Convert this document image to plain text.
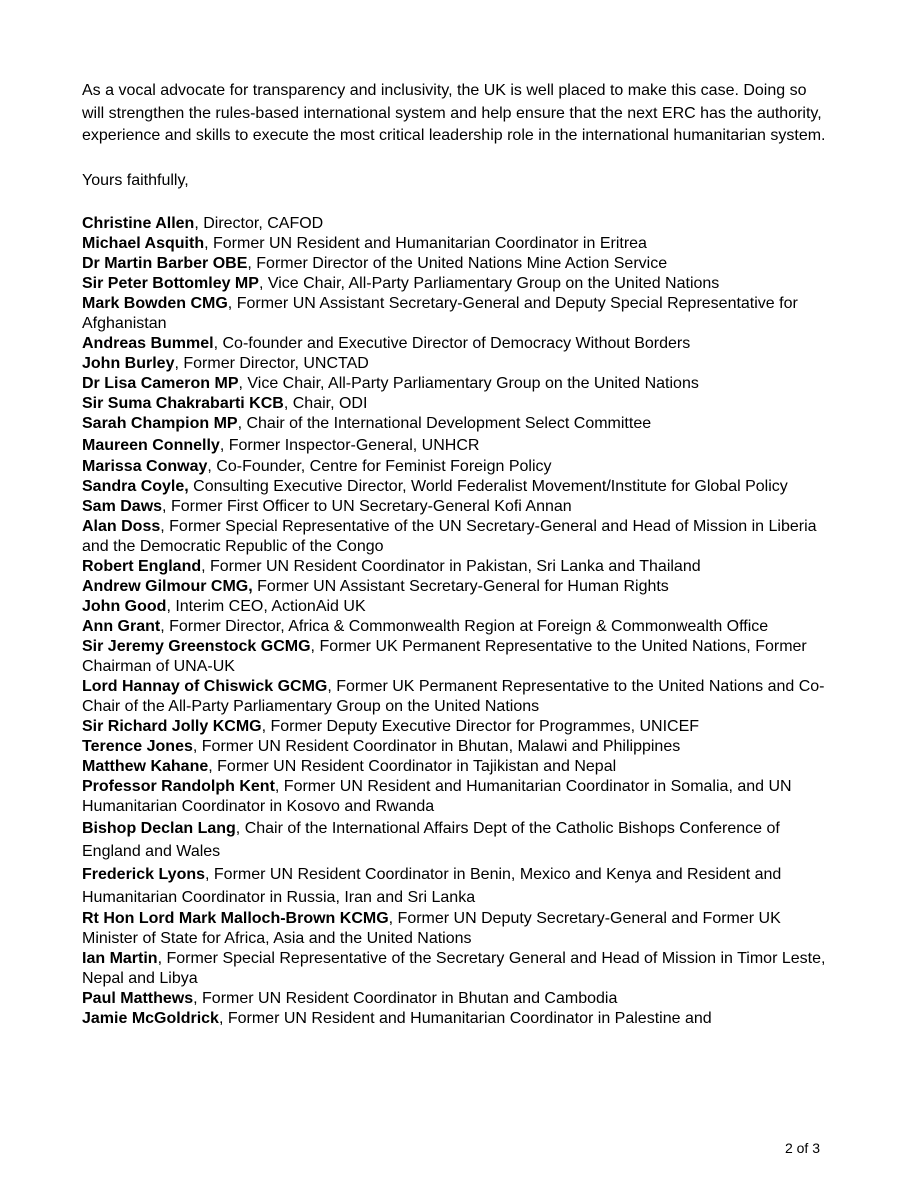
As a vocal advocate for transparency and inclusivity, the UK is well placed to make this case. Doing so will strengthen the rules-based international system and help ensure that the next ERC has the authority, experience and skills to execute the most critical leadership role in the international humanitarian system.

Yours faithfully,

Christine Allen, Director, CAFOD
Michael Asquith, Former UN Resident and Humanitarian Coordinator in Eritrea
Dr Martin Barber OBE, Former Director of the United Nations Mine Action Service
Sir Peter Bottomley MP, Vice Chair, All-Party Parliamentary Group on the United Nations
Mark Bowden CMG, Former UN Assistant Secretary-General and Deputy Special Representative for Afghanistan
Andreas Bummel, Co-founder and Executive Director of Democracy Without Borders
John Burley, Former Director, UNCTAD
Dr Lisa Cameron MP, Vice Chair, All-Party Parliamentary Group on the United Nations
Sir Suma Chakrabarti KCB, Chair, ODI
Sarah Champion MP, Chair of the International Development Select Committee
Maureen Connelly, Former Inspector-General, UNHCR
Marissa Conway, Co-Founder, Centre for Feminist Foreign Policy
Sandra Coyle, Consulting Executive Director, World Federalist Movement/Institute for Global Policy
Sam Daws, Former First Officer to UN Secretary-General Kofi Annan
Alan Doss, Former Special Representative of the UN Secretary-General and Head of Mission in Liberia and the Democratic Republic of the Congo
Robert England, Former UN Resident Coordinator in Pakistan, Sri Lanka and Thailand
Andrew Gilmour CMG, Former UN Assistant Secretary-General for Human Rights
John Good, Interim CEO, ActionAid UK
Ann Grant, Former Director, Africa & Commonwealth Region at Foreign & Commonwealth Office
Sir Jeremy Greenstock GCMG, Former UK Permanent Representative to the United Nations, Former Chairman of UNA-UK
Lord Hannay of Chiswick GCMG, Former UK Permanent Representative to the United Nations and Co-Chair of the All-Party Parliamentary Group on the United Nations
Sir Richard Jolly KCMG, Former Deputy Executive Director for Programmes, UNICEF
Terence Jones, Former UN Resident Coordinator in Bhutan, Malawi and Philippines
Matthew Kahane, Former UN Resident Coordinator in Tajikistan and Nepal
Professor Randolph Kent, Former UN Resident and Humanitarian Coordinator in Somalia, and UN Humanitarian Coordinator in Kosovo and Rwanda
Bishop Declan Lang, Chair of the International Affairs Dept of the Catholic Bishops Conference of England and Wales
Frederick Lyons, Former UN Resident Coordinator in Benin, Mexico and Kenya and Resident and Humanitarian Coordinator in Russia, Iran and Sri Lanka
Rt Hon Lord Mark Malloch-Brown KCMG, Former UN Deputy Secretary-General and Former UK Minister of State for Africa, Asia and the United Nations
Ian Martin, Former Special Representative of the Secretary General and Head of Mission in Timor Leste, Nepal and Libya
Paul Matthews, Former UN Resident Coordinator in Bhutan and Cambodia
Jamie McGoldrick, Former UN Resident and Humanitarian Coordinator in Palestine and
2 of 3
